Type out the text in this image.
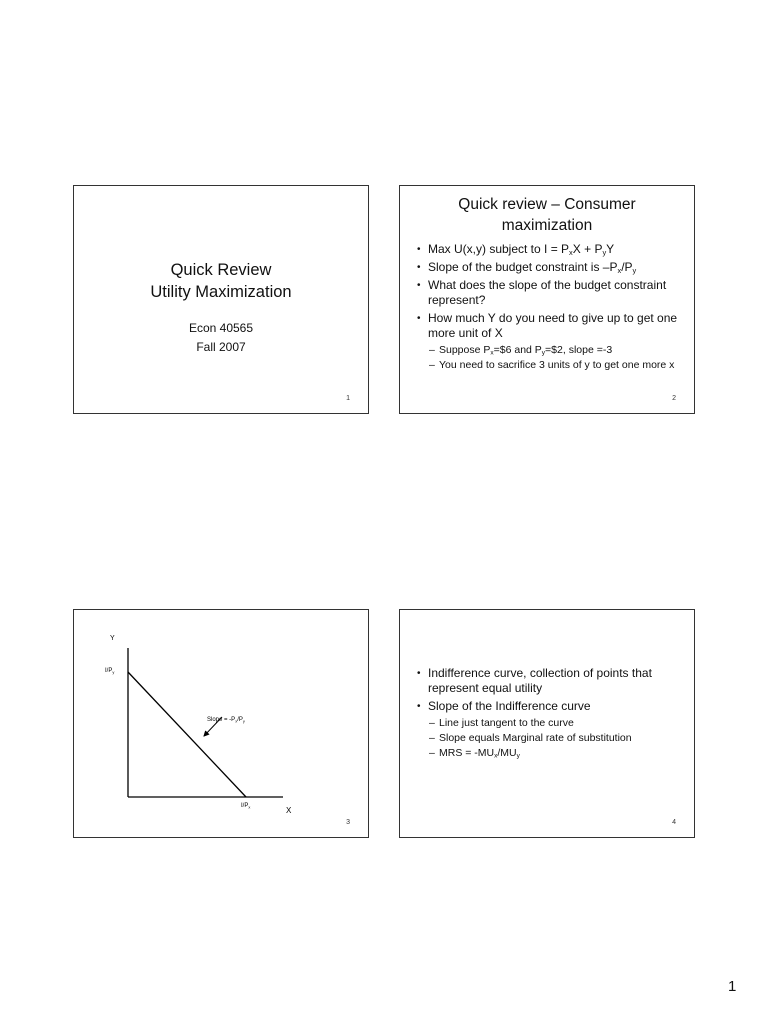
Quick Review
Utility Maximization
Econ 40565
Fall 2007
1
Quick review – Consumer
maximization
• Max U(x,y) subject to $I = P_xX + P_yY$
• Slope of the budget constraint is $-P_x/P_y$
• What does the slope of the budget constraint represent?
• How much Y do you need to give up to get one more unit of X
– Suppose $P_x=\$6$ and $P_y=\$2$, slope =-3
– You need to sacrifice 3 units of y to get one more x
2
Y
X
$I/P_y$
$I/P_x$
Slope = $-P_x/P_y$
3
• Indifference curve, collection of points that represent equal utility
• Slope of the Indifference curve
– Line just tangent to the curve
– Slope equals Marginal rate of substitution
– MRS = $-MU_x/MU_y$
4
1
